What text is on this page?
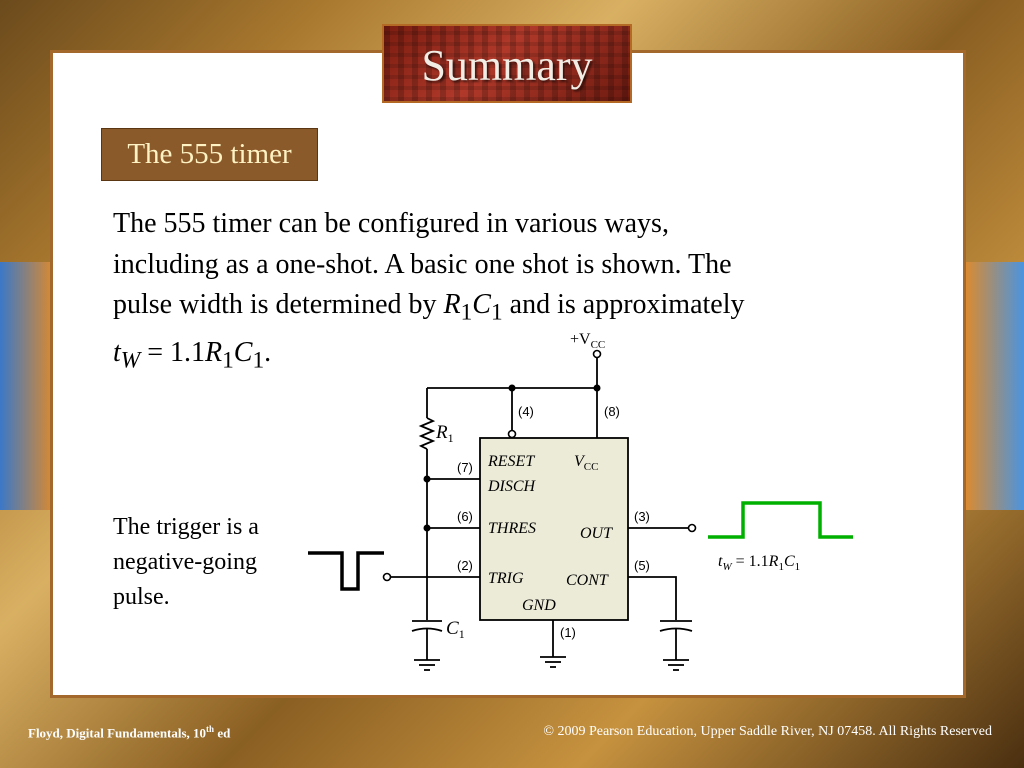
Summary
The 555 timer
The 555 timer can be configured in various ways,
including as a one-shot. A basic one shot is shown. The
pulse width is determined by $R_1C_1$ and is approximately
$t_W = 1.1R_1C_1$.
The trigger is a negative-going pulse.
$+V_{CC}$
$R_1$
$C_1$
(4)	(8)
(7)
(6)
(2)
(1)
(3)
(5)
RESET
DISCH
THRES
TRIG
GND
$V_{CC}$
OUT
CONT
$t_W = 1.1R_1C_1$
Floyd, Digital Fundamentals, 10th ed	© 2009 Pearson Education, Upper Saddle River, NJ 07458. All Rights Reserved
